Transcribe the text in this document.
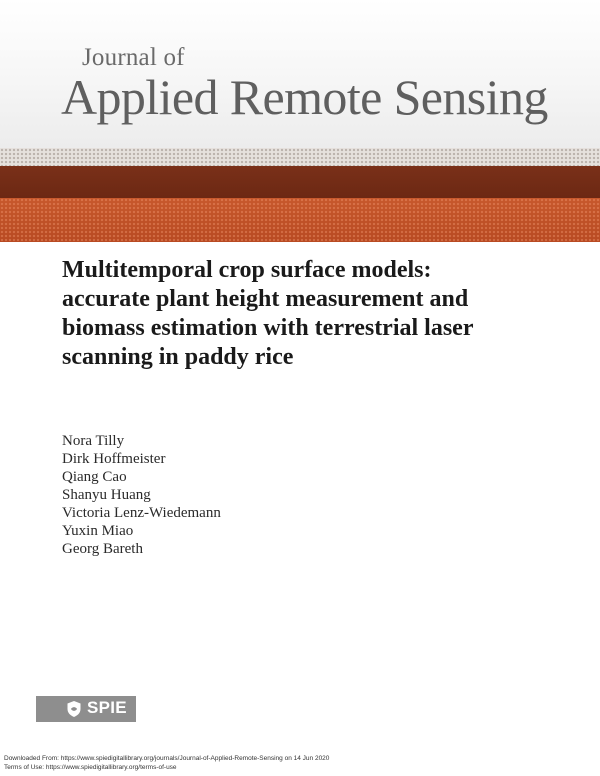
Journal of
Applied Remote Sensing
Multitemporal crop surface models: accurate plant height measurement and biomass estimation with terrestrial laser scanning in paddy rice
Nora Tilly
Dirk Hoffmeister
Qiang Cao
Shanyu Huang
Victoria Lenz-Wiedemann
Yuxin Miao
Georg Bareth
SPIE
Downloaded From: https://www.spiedigitallibrary.org/journals/Journal-of-Applied-Remote-Sensing on 14 Jun 2020
Terms of Use: https://www.spiedigitallibrary.org/terms-of-use
